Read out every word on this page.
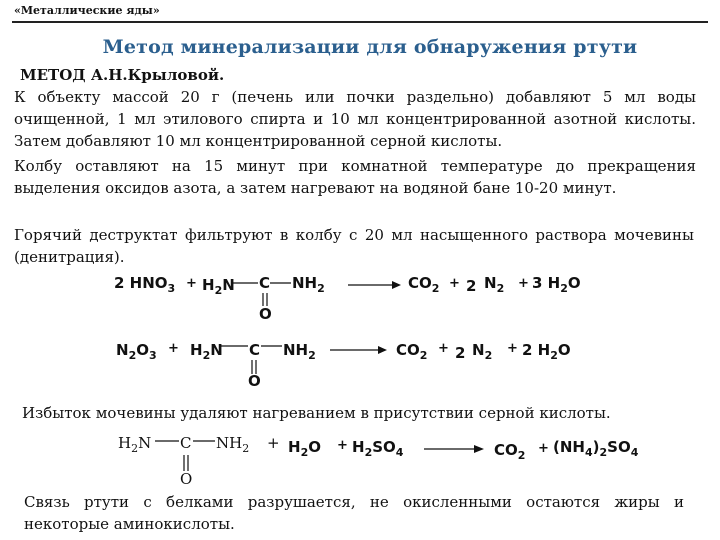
«Металлические яды»
Метод минерализации для обнаружения ртути
МЕТОД А.Н.Крыловой.
К объекту массой 20 г (печень или почки раздельно) добавляют 5 мл воды очищенной, 1 мл этилового спирта и 10 мл концентрированной азотной кислоты. Затем добавляют 10 мл концентрированной серной кислоты.
Колбу оставляют на 15 минут при комнатной температуре до прекращения выделения оксидов азота, а затем нагревают на водяной бане 10-20 минут.
Горячий деструктат фильтруют в колбу с 20 мл насыщенного раствора мочевины (денитрация).
2 $HNO_3 + H_2N$ C $NH_2$
O
$CO_2 + 2$ $N_2 + 3$ $H_2O$
$N_2O_3 + H_2N$ C $NH_2$
O
$CO_2 + 2$ $N_2 + 2$ $H_2O$
Избыток мочевины удаляют нагреванием в присутствии серной кислоты.
$H_2N$ C $NH_2$
O
+ $H_2O + H_2SO_4$	$CO_2 + (NH_4)_2SO_4$
Связь ртути с белками разрушается, не окисленными остаются жиры и некоторые аминокислоты.
